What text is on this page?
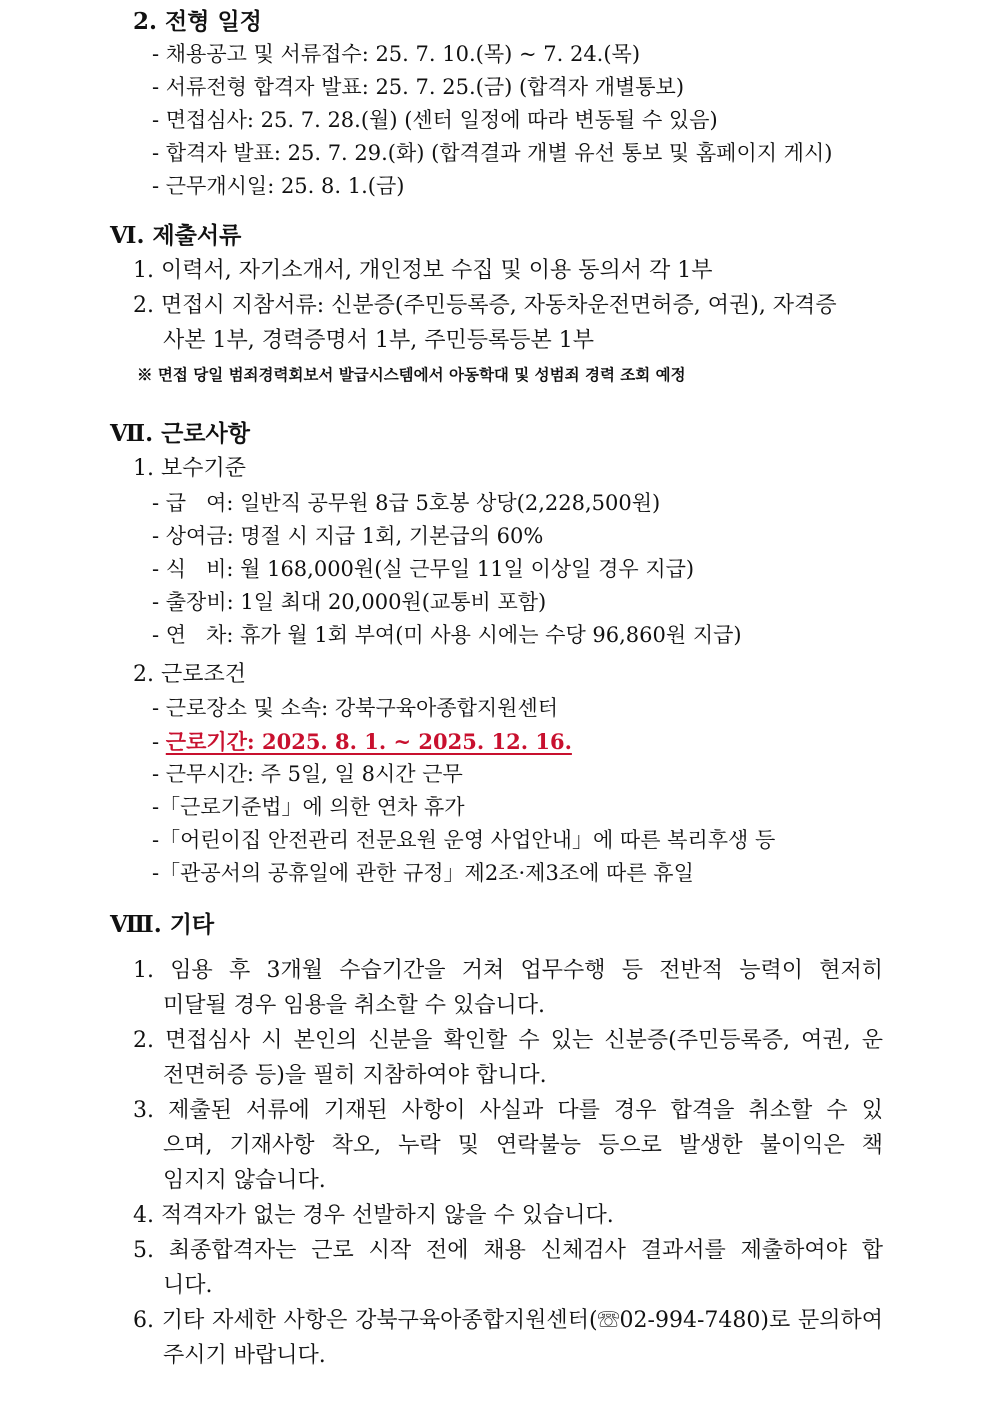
2. 전형 일정
- 채용공고 및 서류접수: 25. 7. 10.(목) ~ 7. 24.(목)
- 서류전형 합격자 발표: 25. 7. 25.(금) (합격자 개별통보)
- 면접심사: 25. 7. 28.(월) (센터 일정에 따라 변동될 수 있음)
- 합격자 발표: 25. 7. 29.(화) (합격결과 개별 유선 통보 및 홈페이지 게시)
- 근무개시일: 25. 8. 1.(금)
Ⅵ. 제출서류
1. 이력서, 자기소개서, 개인정보 수집 및 이용 동의서 각 1부
2. 면접시 지참서류: 신분증(주민등록증, 자동차운전면허증, 여권), 자격증
사본 1부, 경력증명서 1부, 주민등록등본 1부
※ 면접 당일 범죄경력회보서 발급시스템에서 아동학대 및 성범죄 경력 조회 예정
Ⅶ. 근로사항
1. 보수기준
- 급   여: 일반직 공무원 8급 5호봉 상당(2,228,500원)
- 상여금: 명절 시 지급 1회, 기본급의 60%
- 식   비: 월 168,000원(실 근무일 11일 이상일 경우 지급)
- 출장비: 1일 최대 20,000원(교통비 포함)
- 연   차: 휴가 월 1회 부여(미 사용 시에는 수당 96,860원 지급)
2. 근로조건
- 근로장소 및 소속: 강북구육아종합지원센터
- 근로기간: 2025. 8. 1. ~ 2025. 12. 16.
- 근무시간: 주 5일, 일 8시간 근무
-「근로기준법」에 의한 연차 휴가
-「어린이집 안전관리 전문요원 운영 사업안내」에 따른 복리후생 등
-「관공서의 공휴일에 관한 규정」제2조·제3조에 따른 휴일
Ⅷ. 기타
1. 임용 후 3개월 수습기간을 거쳐 업무수행 등 전반적 능력이 현저히
미달될 경우 임용을 취소할 수 있습니다.
2. 면접심사 시 본인의 신분을 확인할 수 있는 신분증(주민등록증, 여권, 운
전면허증 등)을 필히 지참하여야 합니다.
3. 제출된 서류에 기재된 사항이 사실과 다를 경우 합격을 취소할 수 있
으며, 기재사항 착오, 누락 및 연락불능 등으로 발생한 불이익은 책
임지지 않습니다.
4. 적격자가 없는 경우 선발하지 않을 수 있습니다.
5. 최종합격자는 근로 시작 전에 채용 신체검사 결과서를 제출하여야 합
니다.
6. 기타 자세한 사항은 강북구육아종합지원센터(☏02-994-7480)로 문의하여
주시기 바랍니다.
